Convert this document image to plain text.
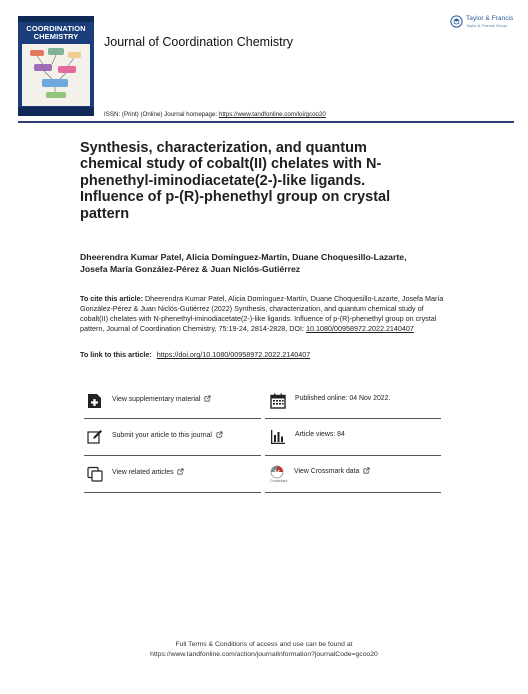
COORDINATION CHEMISTRY	Journal of Coordination Chemistry
Taylor & Francis
Taylor & Francis Group
ISSN: (Print) (Online) Journal homepage: https://www.tandfonline.com/loi/gcoo20
Synthesis, characterization, and quantum chemical study of cobalt(II) chelates with N-phenethyl-iminodiacetate(2-)-like ligands. Influence of p-(R)-phenethyl group on crystal pattern
Dheerendra Kumar Patel, Alicia Domínguez-Martín, Duane Choquesillo-Lazarte, Josefa María González-Pérez & Juan Niclós-Gutiérrez
To cite this article: Dheerendra Kumar Patel, Alicia Domínguez-Martín, Duane Choquesillo-Lazarte, Josefa María González-Pérez & Juan Niclós-Gutiérrez (2022) Synthesis, characterization, and quantum chemical study of cobalt(II) chelates with N-phenethyl-iminodiacetate(2-)-like ligands. Influence of p-(R)-phenethyl group on crystal pattern, Journal of Coordination Chemistry, 75:19-24, 2814-2828, DOI: 10.1080/00958972.2022.2140407
To link to this article: https://doi.org/10.1080/00958972.2022.2140407
View supplementary material	Published online: 04 Nov 2022.
Submit your article to this journal	Article views: 84
View related articles	View Crossmark data
CrossMark
Full Terms & Conditions of access and use can be found at
https://www.tandfonline.com/action/journalInformation?journalCode=gcoo20
